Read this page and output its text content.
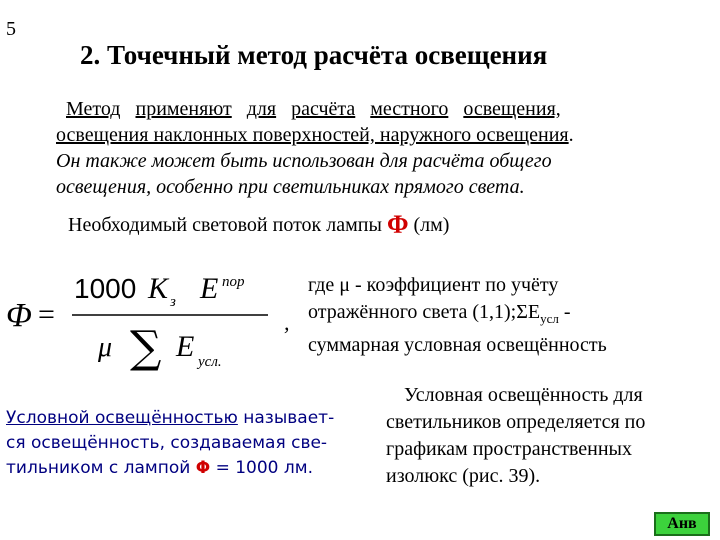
5
2. Точечный метод расчёта освещения
Метод применяют для расчёта местного освещения,
освещения наклонных поверхностей, наружного освещения.
Он также может быть использован для расчёта общего
освещения, особенно при светильниках прямого света.
Необходимый световой поток лампы Φ (лм)
Φ =
1000 K з E пор
μ ∑ E усл.
,
где μ - коэффициент по учёту
отражённого света $(1,1);\Sigma E_{усл}$ -
суммарная условная освещённость
Условная освещённость для
светильников определяется по
графикам пространственных
изолюкс (рис. 39).
Условной освещённостью называет-
ся освещённость, создаваемая све-
тильником с лампой Φ = 1000 лм.
Анв
